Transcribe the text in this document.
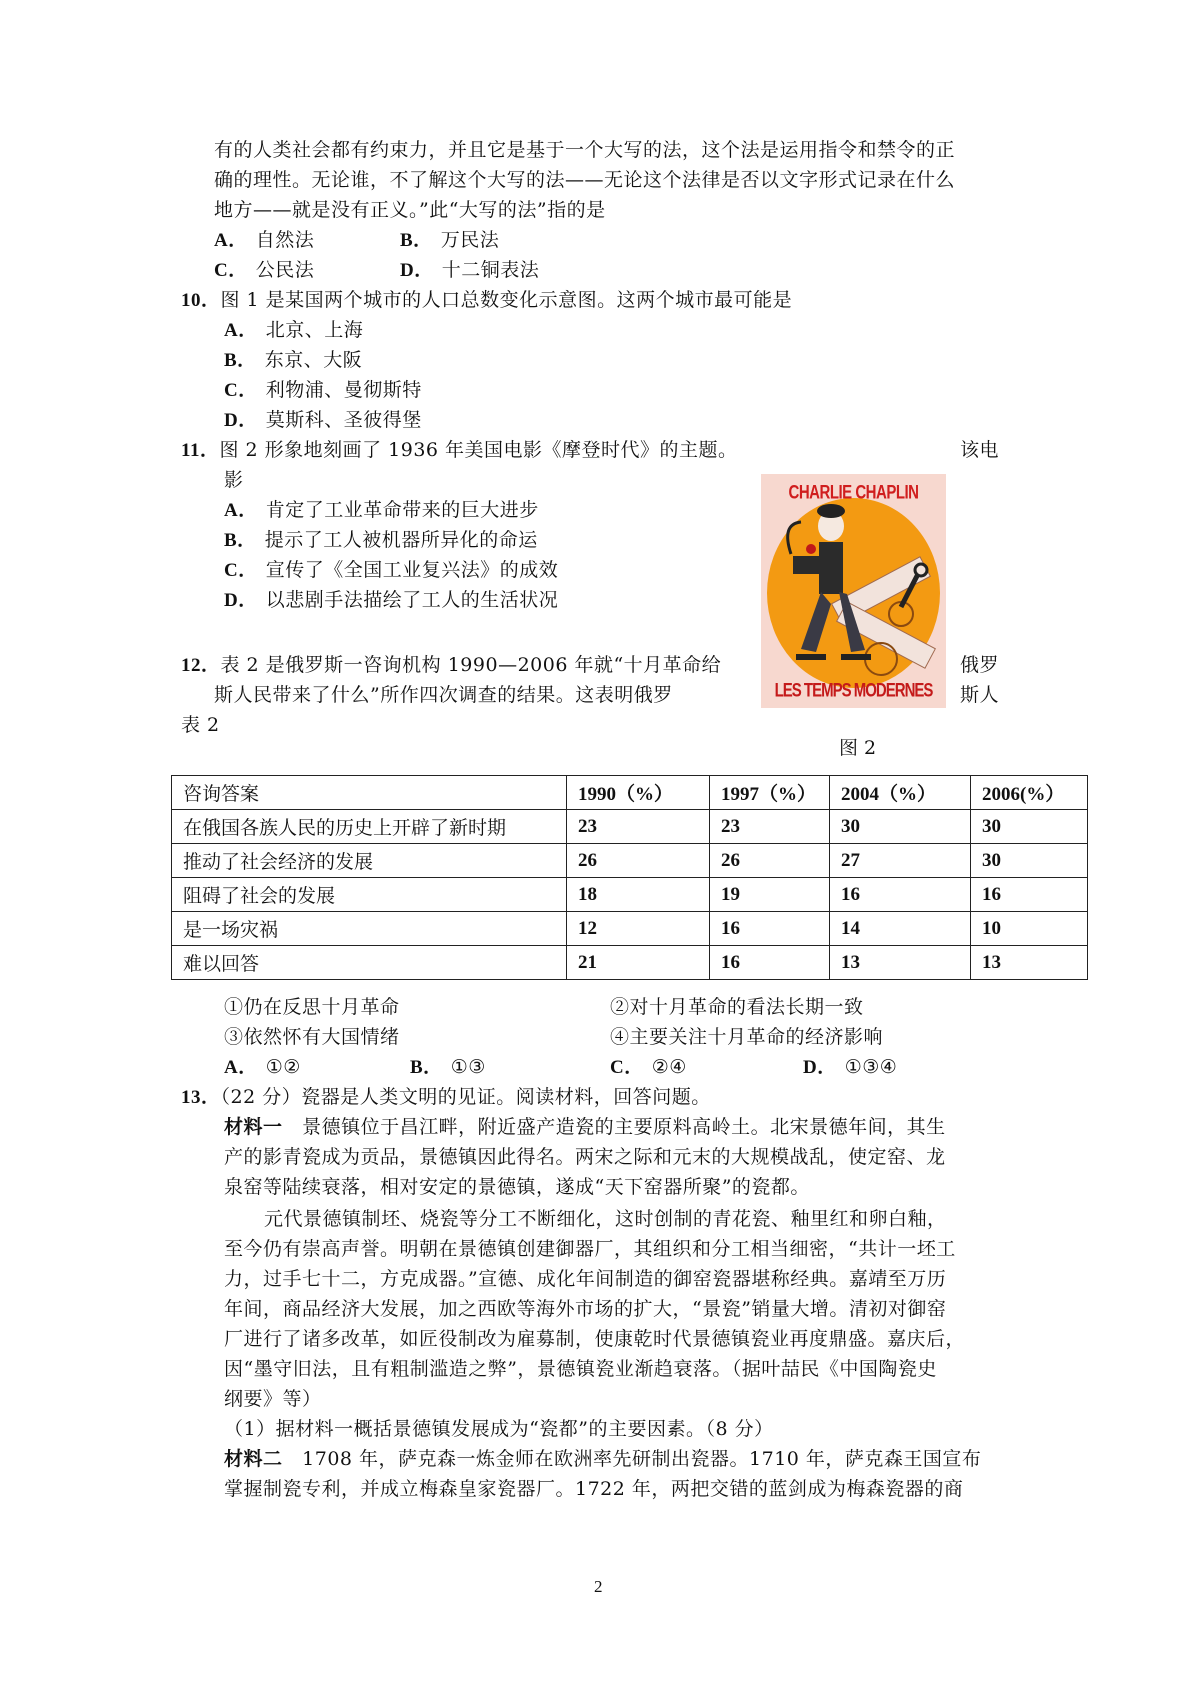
有的人类社会都有约束力，并且它是基于一个大写的法，这个法是运用指令和禁令的正
确的理性。无论谁，不了解这个大写的法——无论这个法律是否以文字形式记录在什么
地方——就是没有正义。”此“大写的法”指的是
A． 自然法	B． 万民法
C． 公民法	D． 十二铜表法
10．图 1 是某国两个城市的人口总数变化示意图。这两个城市最可能是
A． 北京、上海
B． 东京、大阪
C． 利物浦、曼彻斯特
D． 莫斯科、圣彼得堡
11．图 2 形象地刻画了 1936 年美国电影《摩登时代》的主题。	该电
影
A． 肯定了工业革命带来的巨大进步
B． 提示了工人被机器所异化的命运
C． 宣传了《全国工业复兴法》的成效
D． 以悲剧手法描绘了工人的生活状况
CHARLIE CHAPLIN
LES TEMPS MODERNES
12．表 2 是俄罗斯一咨询机构 1990—2006 年就“十月革命给	俄罗
斯人民带来了什么”所作四次调查的结果。这表明俄罗	斯人
表 2
图 2
咨询答案	1990（%）	1997（%）	2004（%）	2006(%）
在俄国各族人民的历史上开辟了新时期	23	23	30	30
推动了社会经济的发展	26	26	27	30
阻碍了社会的发展	18	19	16	16
是一场灾祸	12	16	14	10
难以回答	21	16	13	13
①仍在反思十月革命	②对十月革命的看法长期一致
③依然怀有大国情绪	④主要关注十月革命的经济影响
A． ①②	B． ①③	C． ②④	D． ①③④
13．（22 分）瓷器是人类文明的见证。阅读材料，回答问题。
材料一 景德镇位于昌江畔，附近盛产造瓷的主要原料高岭土。北宋景德年间，其生
产的影青瓷成为贡品，景德镇因此得名。两宋之际和元末的大规模战乱，使定窑、龙
泉窑等陆续衰落，相对安定的景德镇，遂成“天下窑器所聚”的瓷都。
元代景德镇制坯、烧瓷等分工不断细化，这时创制的青花瓷、釉里红和卵白釉，
至今仍有崇高声誉。明朝在景德镇创建御器厂，其组织和分工相当细密，“共计一坯工
力，过手七十二，方克成器。”宣德、成化年间制造的御窑瓷器堪称经典。嘉靖至万历
年间，商品经济大发展，加之西欧等海外市场的扩大，“景瓷”销量大增。清初对御窑
厂进行了诸多改革，如匠役制改为雇募制，使康乾时代景德镇瓷业再度鼎盛。嘉庆后，
因“墨守旧法，且有粗制滥造之弊”，景德镇瓷业渐趋衰落。（据叶喆民《中国陶瓷史
纲要》等）
（1）据材料一概括景德镇发展成为“瓷都”的主要因素。（8 分）
材料二 1708 年，萨克森一炼金师在欧洲率先研制出瓷器。1710 年，萨克森王国宣布
掌握制瓷专利，并成立梅森皇家瓷器厂。1722 年，两把交错的蓝剑成为梅森瓷器的商
2
